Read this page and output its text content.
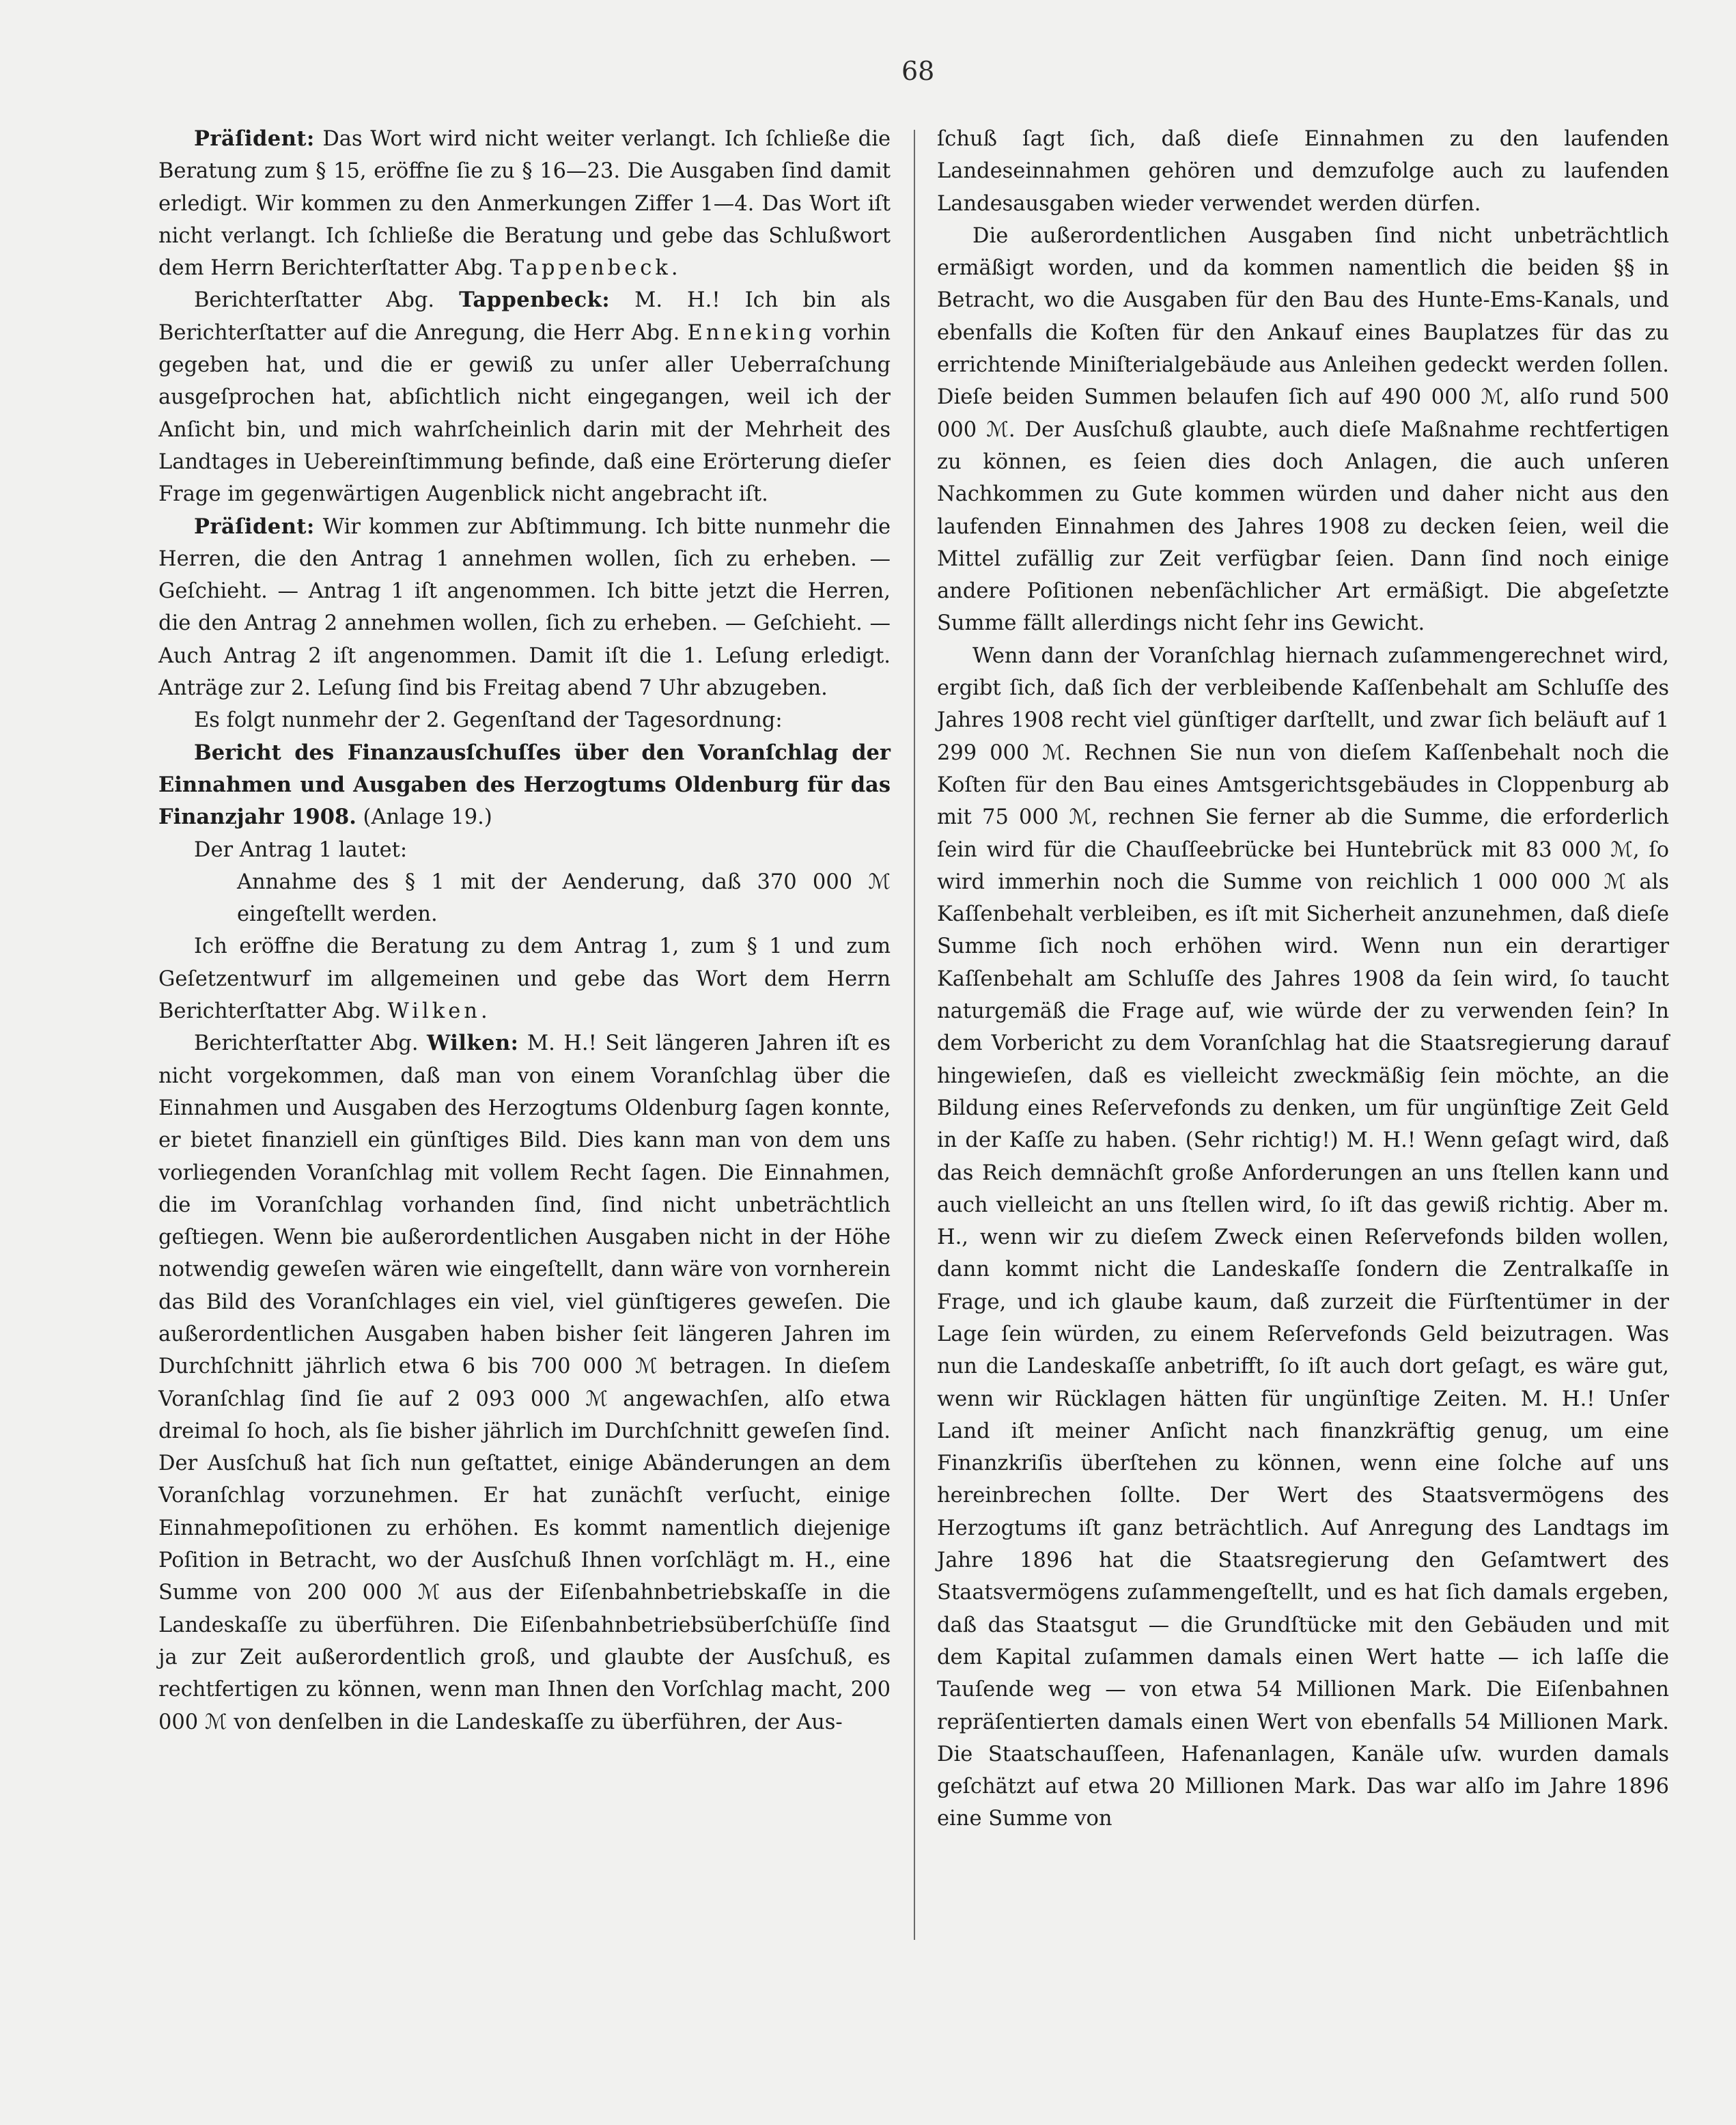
68

Präſident: Das Wort wird nicht weiter verlangt. Ich ſchließe die Beratung zum § 15, eröffne ſie zu § 16—23. Die Ausgaben ſind damit erledigt. Wir kommen zu den Anmerkungen Ziffer 1—4. Das Wort iſt nicht verlangt. Ich ſchließe die Beratung und gebe das Schlußwort dem Herrn Berichterſtatter Abg. Tappenbeck.

Berichterſtatter Abg. Tappenbeck: M. H.! Ich bin als Berichterſtatter auf die Anregung, die Herr Abg. Enneking vorhin gegeben hat, und die er gewiß zu unſer aller Ueberraſchung ausgeſprochen hat, abſichtlich nicht eingegangen, weil ich der Anſicht bin, und mich wahrſcheinlich darin mit der Mehrheit des Landtages in Uebereinſtimmung befinde, daß eine Erörterung dieſer Frage im gegenwärtigen Augenblick nicht angebracht iſt.

Präſident: Wir kommen zur Abſtimmung. Ich bitte nunmehr die Herren, die den Antrag 1 annehmen wollen, ſich zu erheben. — Geſchieht. — Antrag 1 iſt angenommen. Ich bitte jetzt die Herren, die den Antrag 2 annehmen wollen, ſich zu erheben. — Geſchieht. — Auch Antrag 2 iſt angenommen. Damit iſt die 1. Leſung erledigt. Anträge zur 2. Leſung ſind bis Freitag abend 7 Uhr abzugeben.

Es folgt nunmehr der 2. Gegenſtand der Tagesordnung:

Bericht des Finanzausſchuſſes über den Voranſchlag der Einnahmen und Ausgaben des Herzogtums Oldenburg für das Finanzjahr 1908. (Anlage 19.)

Der Antrag 1 lautet:

Annahme des § 1 mit der Aenderung, daß 370 000 ℳ eingeſtellt werden.

Ich eröffne die Beratung zu dem Antrag 1, zum § 1 und zum Geſetzentwurf im allgemeinen und gebe das Wort dem Herrn Berichterſtatter Abg. Wilken.

Berichterſtatter Abg. Wilken: M. H.! Seit längeren Jahren iſt es nicht vorgekommen, daß man von einem Voranſchlag über die Einnahmen und Ausgaben des Herzogtums Oldenburg ſagen konnte, er bietet finanziell ein günſtiges Bild. Dies kann man von dem uns vorliegenden Voranſchlag mit vollem Recht ſagen. Die Einnahmen, die im Voranſchlag vorhanden ſind, ſind nicht unbeträchtlich geſtiegen. Wenn bie außerordentlichen Ausgaben nicht in der Höhe notwendig geweſen wären wie eingeſtellt, dann wäre von vornherein das Bild des Voranſchlages ein viel, viel günſtigeres geweſen. Die außerordentlichen Ausgaben haben bisher ſeit längeren Jahren im Durchſchnitt jährlich etwa 6 bis 700 000 ℳ betragen. In dieſem Voranſchlag ſind ſie auf 2 093 000 ℳ angewachſen, alſo etwa dreimal ſo hoch, als ſie bisher jährlich im Durchſchnitt geweſen ſind. Der Ausſchuß hat ſich nun geſtattet, einige Abänderungen an dem Voranſchlag vorzunehmen. Er hat zunächſt verſucht, einige Einnahmepoſitionen zu erhöhen. Es kommt namentlich diejenige Poſition in Betracht, wo der Ausſchuß Ihnen vorſchlägt m. H., eine Summe von 200 000 ℳ aus der Eiſenbahnbetriebskaſſe in die Landeskaſſe zu überführen. Die Eiſenbahnbetriebsüberſchüſſe ſind ja zur Zeit außerordentlich groß, und glaubte der Ausſchuß, es rechtfertigen zu können, wenn man Ihnen den Vorſchlag macht, 200 000 ℳ von denſelben in die Landeskaſſe zu überführen, der Aus-

ſchuß ſagt ſich, daß dieſe Einnahmen zu den laufenden Landeseinnahmen gehören und demzufolge auch zu laufenden Landesausgaben wieder verwendet werden dürfen.

Die außerordentlichen Ausgaben ſind nicht unbeträchtlich ermäßigt worden, und da kommen namentlich die beiden §§ in Betracht, wo die Ausgaben für den Bau des Hunte-Ems-Kanals, und ebenfalls die Koſten für den Ankauf eines Bauplatzes für das zu errichtende Miniſterialgebäude aus Anleihen gedeckt werden ſollen. Dieſe beiden Summen belaufen ſich auf 490 000 ℳ, alſo rund 500 000 ℳ. Der Ausſchuß glaubte, auch dieſe Maßnahme rechtfertigen zu können, es ſeien dies doch Anlagen, die auch unſeren Nachkommen zu Gute kommen würden und daher nicht aus den laufenden Einnahmen des Jahres 1908 zu decken ſeien, weil die Mittel zufällig zur Zeit verfügbar ſeien. Dann ſind noch einige andere Poſitionen nebenſächlicher Art ermäßigt. Die abgeſetzte Summe fällt allerdings nicht ſehr ins Gewicht.

Wenn dann der Voranſchlag hiernach zuſammengerechnet wird, ergibt ſich, daß ſich der verbleibende Kaſſenbehalt am Schluſſe des Jahres 1908 recht viel günſtiger darſtellt, und zwar ſich beläuft auf 1 299 000 ℳ. Rechnen Sie nun von dieſem Kaſſenbehalt noch die Koſten für den Bau eines Amtsgerichtsgebäudes in Cloppenburg ab mit 75 000 ℳ, rechnen Sie ferner ab die Summe, die erforderlich ſein wird für die Chauſſeebrücke bei Huntebrück mit 83 000 ℳ, ſo wird immerhin noch die Summe von reichlich 1 000 000 ℳ als Kaſſenbehalt verbleiben, es iſt mit Sicherheit anzunehmen, daß dieſe Summe ſich noch erhöhen wird. Wenn nun ein derartiger Kaſſenbehalt am Schluſſe des Jahres 1908 da ſein wird, ſo taucht naturgemäß die Frage auf, wie würde der zu verwenden ſein? In dem Vorbericht zu dem Voranſchlag hat die Staatsregierung darauf hingewieſen, daß es vielleicht zweckmäßig ſein möchte, an die Bildung eines Reſervefonds zu denken, um für ungünſtige Zeit Geld in der Kaſſe zu haben. (Sehr richtig!) M. H.! Wenn geſagt wird, daß das Reich demnächſt große Anforderungen an uns ſtellen kann und auch vielleicht an uns ſtellen wird, ſo iſt das gewiß richtig. Aber m. H., wenn wir zu dieſem Zweck einen Reſervefonds bilden wollen, dann kommt nicht die Landeskaſſe ſondern die Zentralkaſſe in Frage, und ich glaube kaum, daß zurzeit die Fürſtentümer in der Lage ſein würden, zu einem Reſervefonds Geld beizutragen. Was nun die Landeskaſſe anbetrifft, ſo iſt auch dort geſagt, es wäre gut, wenn wir Rücklagen hätten für ungünſtige Zeiten. M. H.! Unſer Land iſt meiner Anſicht nach finanzkräftig genug, um eine Finanzkriſis überſtehen zu können, wenn eine ſolche auf uns hereinbrechen ſollte. Der Wert des Staatsvermögens des Herzogtums iſt ganz beträchtlich. Auf Anregung des Landtags im Jahre 1896 hat die Staatsregierung den Geſamtwert des Staatsvermögens zuſammengeſtellt, und es hat ſich damals ergeben, daß das Staatsgut — die Grundſtücke mit den Gebäuden und mit dem Kapital zuſammen damals einen Wert hatte — ich laſſe die Tauſende weg — von etwa 54 Millionen Mark. Die Eiſenbahnen repräſentierten damals einen Wert von ebenfalls 54 Millionen Mark. Die Staatschauſſeen, Hafenanlagen, Kanäle uſw. wurden damals geſchätzt auf etwa 20 Millionen Mark. Das war alſo im Jahre 1896 eine Summe von
